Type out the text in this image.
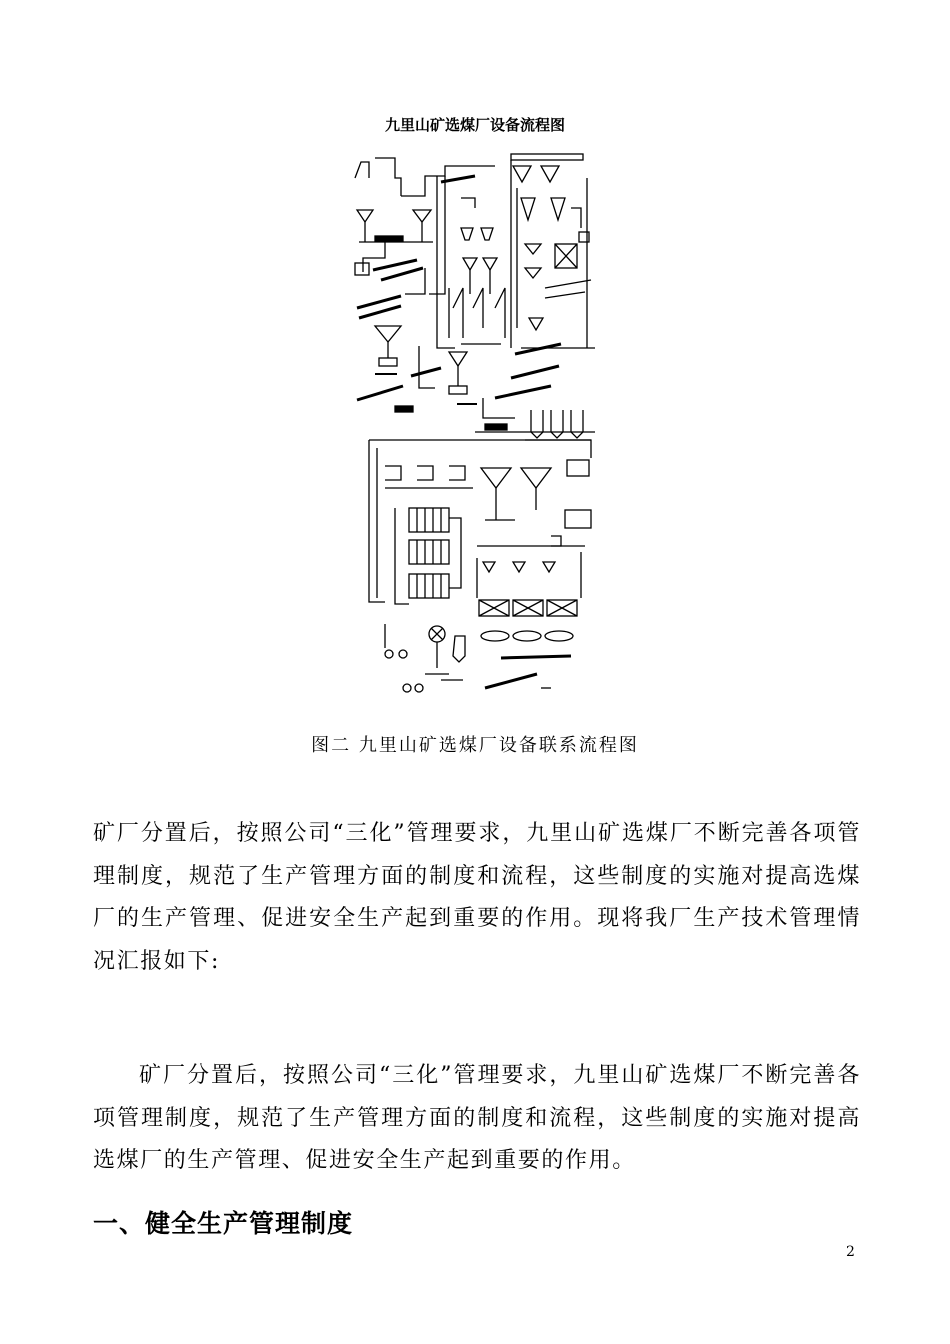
九里山矿选煤厂设备流程图
图二 九里山矿选煤厂设备联系流程图

矿厂分置后，按照公司“三化”管理要求，九里山矿选煤厂不断完善各项管理制度，规范了生产管理方面的制度和流程，这些制度的实施对提高选煤厂的生产管理、促进安全生产起到重要的作用。现将我厂生产技术管理情况汇报如下:

矿厂分置后，按照公司“三化”管理要求，九里山矿选煤厂不断完善各项管理制度，规范了生产管理方面的制度和流程，这些制度的实施对提高选煤厂的生产管理、促进安全生产起到重要的作用。

一、健全生产管理制度
2
